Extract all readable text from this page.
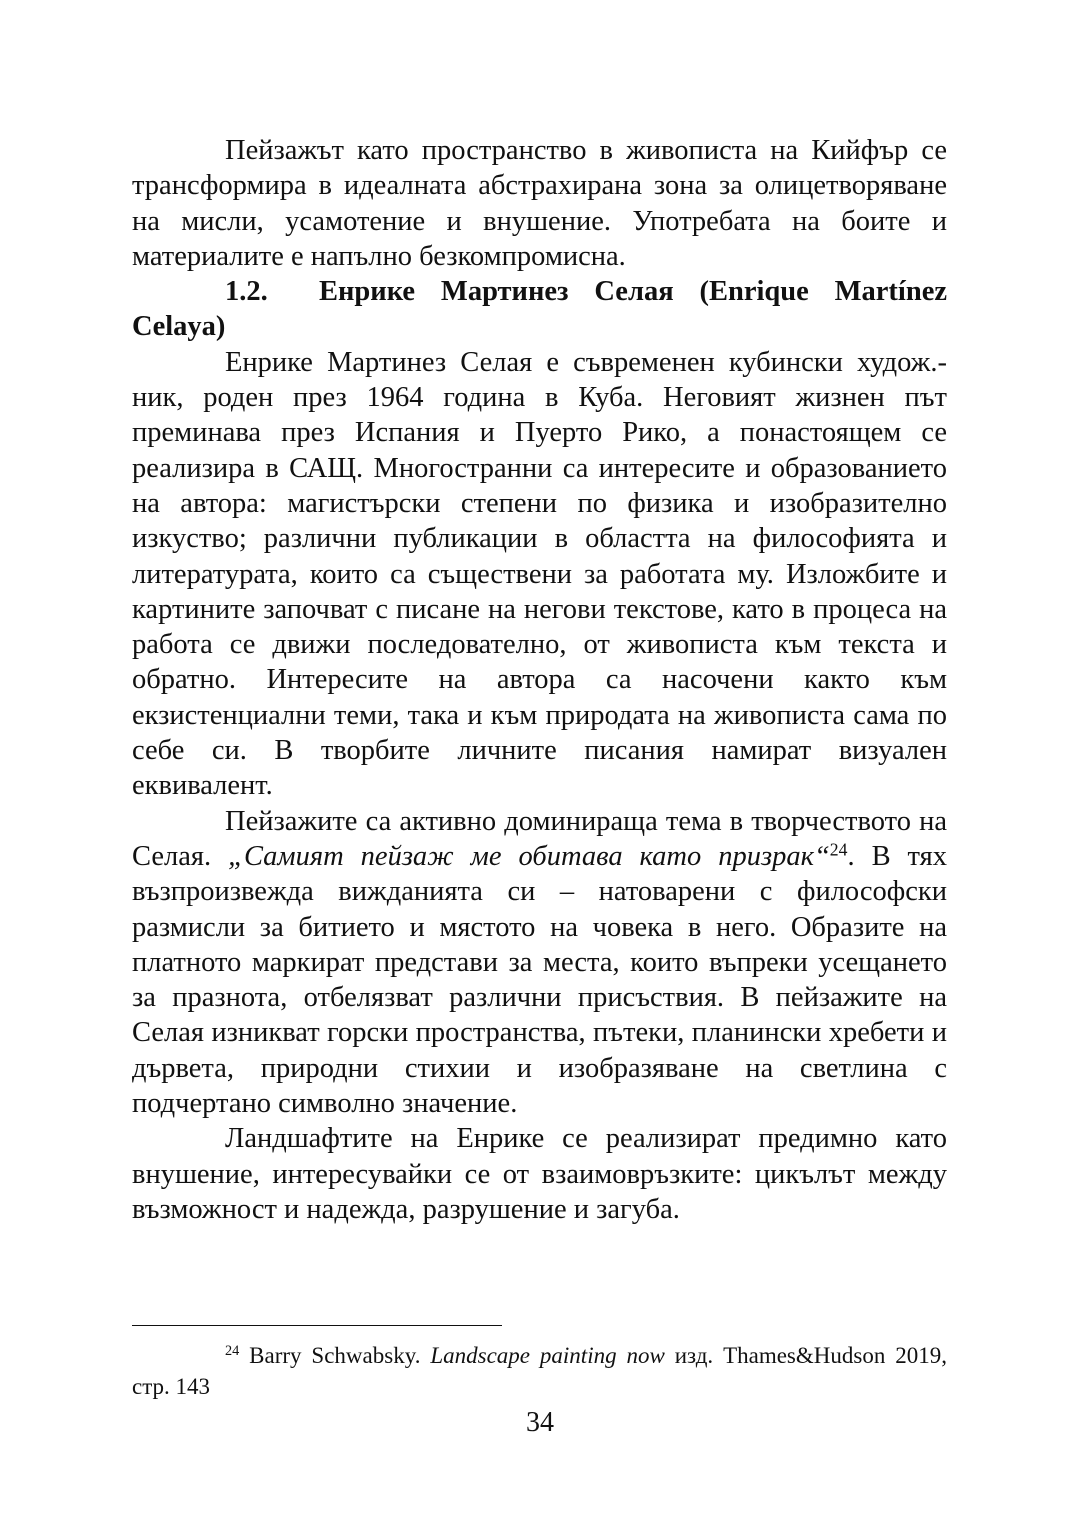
Пейзажът като пространство в живописта на Кийфър се трансформира в идеалната абстрахирана зона за олицетворяване на мисли, усамотение и внушение. Употребата на боите и материалите е напълно безкомпромисна.

1.2. Енрике Мартинез Селая (Enrique Martínez Celaya)

Енрике Мартинез Селая е съвременен кубински худож.-ник, роден през 1964 година в Куба. Неговият жизнен път преминава през Испания и Пуерто Рико, а понастоящем се реализира в САЩ. Многостранни са интересите и образованието на автора: магистърски степени по физика и изобразително изкуство; различни публикации в областта на философията и литературата, които са съществени за работата му. Изложбите и картините започват с писане на негови текстове, като в процеса на работа се движи последователно, от живописта към текста и обратно. Интересите на автора са насочени както към екзистенциални теми, така и към природата на живописта сама по себе си. В творбите личните писания намират визуален еквивалент.

Пейзажите са активно доминираща тема в творчеството на Селая. „Самият пейзаж ме обитава като призрак“$^{24}$. В тях възпроизвежда вижданията си – натоварени с философски размисли за битието и мястото на човека в него. Образите на платното маркират представи за места, които въпреки усещането за празнота, отбелязват различни присъствия. В пейзажите на Селая изникват горски пространства, пътеки, планински хребети и дървета, природни стихии и изобразяване на светлина с подчертано символно значение.

Ландшафтите на Енрике се реализират предимно като внушение, интересувайки се от взаимовръзките: цикълът между възможност и надежда, разрушение и загуба.

$^{24}$ Barry Schwabsky. Landscape painting now изд. Thames&Hudson 2019, стр. 143

34
